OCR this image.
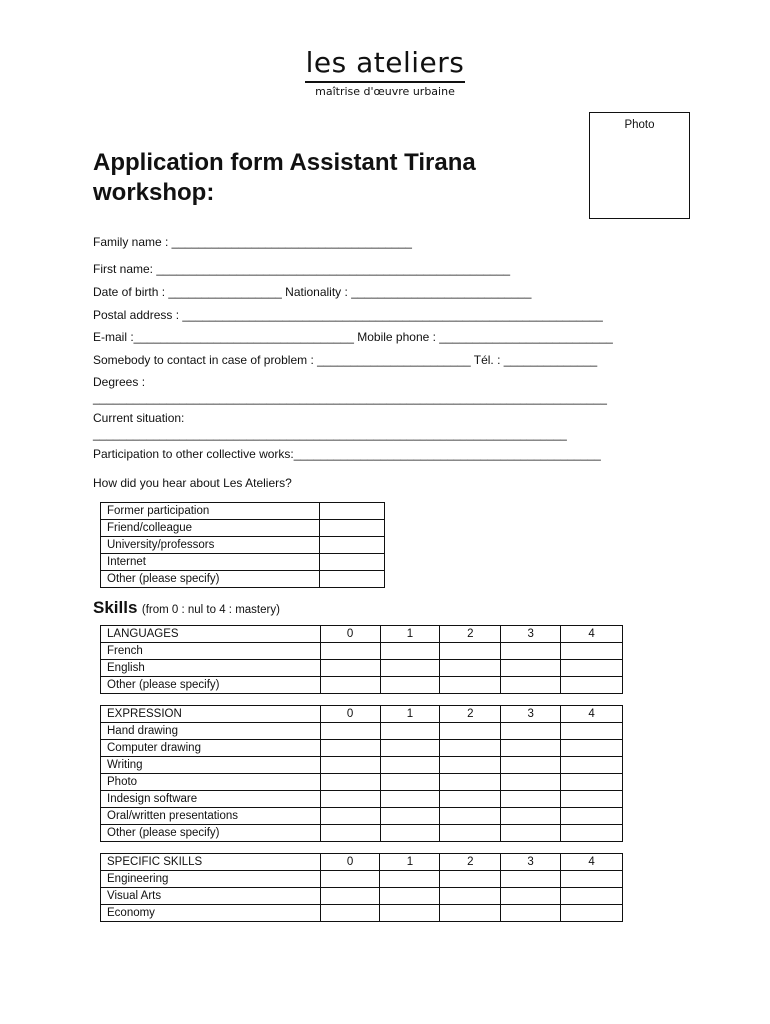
les ateliers
maîtrise d'œuvre urbaine
Photo
Application form Assistant Tirana workshop:
Family name : ____________________________________
First name: _____________________________________________________
Date of birth : _________________ Nationality : ___________________________
Postal address : _______________________________________________________________
E-mail :_________________________________ Mobile phone : __________________________
Somebody to contact in case of problem : _______________________ Tél. : ______________
Degrees :
_____________________________________________________________________________
Current situation:
_______________________________________________________________________
Participation to other collective works:______________________________________________
How did you hear about Les Ateliers?
Former participation	
Friend/colleague	
University/professors	
Internet	
Other (please specify)	
Skills (from 0 : nul to 4 : mastery)
LANGUAGES	0	1	2	3	4
French					
English					
Other (please specify)					
EXPRESSION	0	1	2	3	4
Hand drawing					
Computer drawing					
Writing					
Photo					
Indesign software					
Oral/written presentations					
Other (please specify)					
SPECIFIC SKILLS	0	1	2	3	4
Engineering					
Visual Arts					
Economy					
